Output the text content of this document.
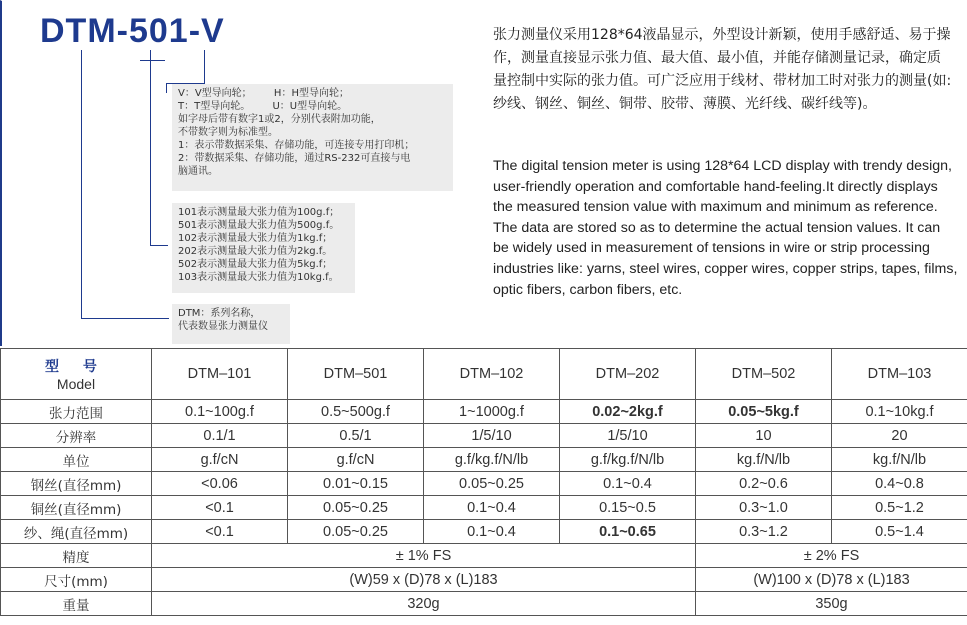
DTM-501-V
V：V型导向轮；       H：H型导向轮；
T：T型导向轮。       U：U型导向轮。
如字母后带有数字1或2，分别代表附加功能，
不带数字则为标准型。
1：表示带数据采集、存储功能，可连接专用打印机；
2：带数据采集、存储功能，通过RS-232可直接与电
脑通讯。
101表示测量最大张力值为100g.f；
501表示测量最大张力值为500g.f。
102表示测量最大张力值为1kg.f；
202表示测量最大张力值为2kg.f。
502表示测量最大张力值为5kg.f；
103表示测量最大张力值为10kg.f。
DTM：系列名称，
代表数显张力测量仪
张力测量仪采用128*64液晶显示，外型设计新颖，使用手感舒适、易于操作，测量直接显示张力值、最大值、最小值，并能存储测量记录，确定质量控制中实际的张力值。可广泛应用于线材、带材加工时对张力的测量(如: 纱线、钢丝、铜丝、铜带、胶带、薄膜、光纤线、碳纤线等)。
The digital tension meter is using 128*64 LCD display with trendy design, user-friendly operation and comfortable hand-feeling.It directly displays the measured tension value with maximum and minimum as reference. The data are stored so as to determine the actual tension values. It can be widely used in measurement of tensions in wire or strip processing industries like: yarns, steel wires, copper wires, copper strips, tapes, films, optic fibers, carbon fibers, etc.
型 号
Model	DTM–101	DTM–501	DTM–102	DTM–202	DTM–502	DTM–103
张力范围	0.1~100g.f	0.5~500g.f	1~1000g.f	0.02~2kg.f	0.05~5kg.f	0.1~10kg.f
分辨率	0.1/1	0.5/1	1/5/10	1/5/10	10	20
单位	g.f/cN	g.f/cN	g.f/kg.f/N/lb	g.f/kg.f/N/lb	kg.f/N/lb	kg.f/N/lb
钢丝(直径mm)	<0.06	0.01~0.15	0.05~0.25	0.1~0.4	0.2~0.6	0.4~0.8
铜丝(直径mm)	<0.1	0.05~0.25	0.1~0.4	0.15~0.5	0.3~1.0	0.5~1.2
纱、绳(直径mm)	<0.1	0.05~0.25	0.1~0.4	0.1~0.65	0.3~1.2	0.5~1.4
精度	± 1% FS				± 2% FS	
尺寸(mm)	(W)59 x (D)78 x (L)183				(W)100 x (D)78 x (L)183	
重量	320g				350g	
